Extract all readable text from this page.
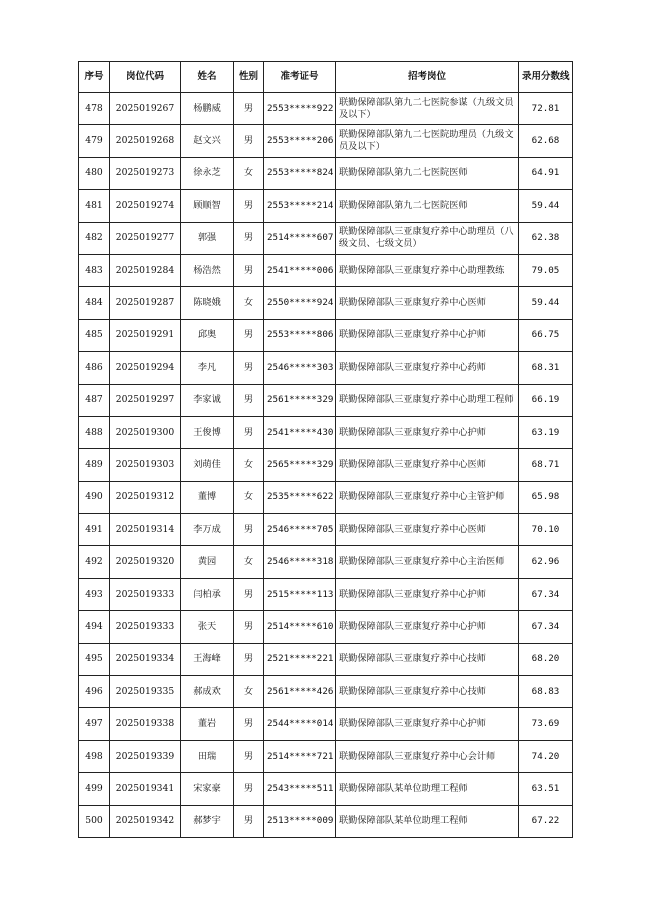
序号	岗位代码	姓名	性别	准考证号	招考岗位	录用分数线
478	2025019267	杨鹏威	男	2553*****922	联勤保障部队第九二七医院参谋（九级文员及以下）	72.81
479	2025019268	赵文兴	男	2553*****206	联勤保障部队第九二七医院助理员（九级文员及以下）	62.68
480	2025019273	徐永芝	女	2553*****824	联勤保障部队第九二七医院医师	64.91
481	2025019274	顾顺智	男	2553*****214	联勤保障部队第九二七医院医师	59.44
482	2025019277	郭强	男	2514*****607	联勤保障部队三亚康复疗养中心助理员（八级文员、七级文员）	62.38
483	2025019284	杨浩然	男	2541*****006	联勤保障部队三亚康复疗养中心助理教练	79.05
484	2025019287	陈晓娥	女	2550*****924	联勤保障部队三亚康复疗养中心医师	59.44
485	2025019291	邱奥	男	2553*****806	联勤保障部队三亚康复疗养中心护师	66.75
486	2025019294	李凡	男	2546*****303	联勤保障部队三亚康复疗养中心药师	68.31
487	2025019297	李家诚	男	2561*****329	联勤保障部队三亚康复疗养中心助理工程师	66.19
488	2025019300	王俊博	男	2541*****430	联勤保障部队三亚康复疗养中心护师	63.19
489	2025019303	刘萌佳	女	2565*****329	联勤保障部队三亚康复疗养中心医师	68.71
490	2025019312	董博	女	2535*****622	联勤保障部队三亚康复疗养中心主管护师	65.98
491	2025019314	李万成	男	2546*****705	联勤保障部队三亚康复疗养中心医师	70.10
492	2025019320	黄园	女	2546*****318	联勤保障部队三亚康复疗养中心主治医师	62.96
493	2025019333	闫柏承	男	2515*****113	联勤保障部队三亚康复疗养中心护师	67.34
494	2025019333	张天	男	2514*****610	联勤保障部队三亚康复疗养中心护师	67.34
495	2025019334	王海峰	男	2521*****221	联勤保障部队三亚康复疗养中心技师	68.20
496	2025019335	郝成欢	女	2561*****426	联勤保障部队三亚康复疗养中心技师	68.83
497	2025019338	董岩	男	2544*****014	联勤保障部队三亚康复疗养中心护师	73.69
498	2025019339	田瑞	男	2514*****721	联勤保障部队三亚康复疗养中心会计师	74.20
499	2025019341	宋家豪	男	2543*****511	联勤保障部队某单位助理工程师	63.51
500	2025019342	郝梦宇	男	2513*****009	联勤保障部队某单位助理工程师	67.22
